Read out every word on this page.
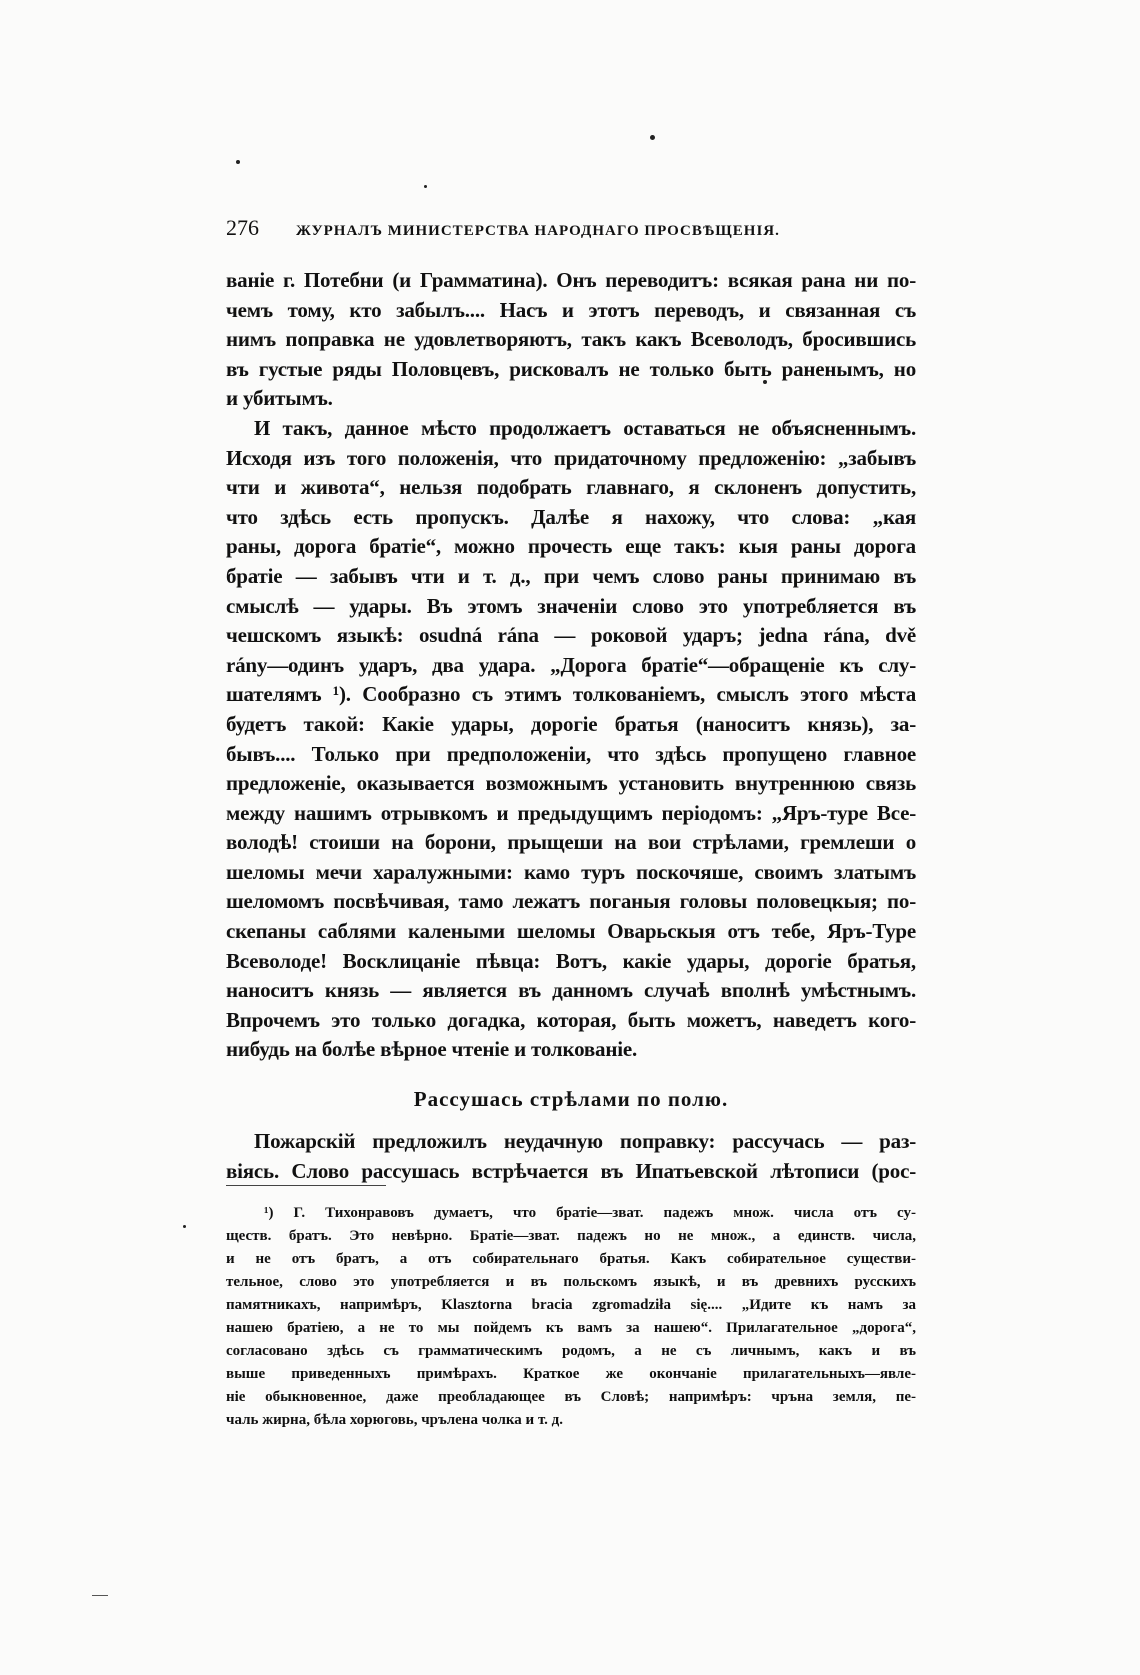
276	ЖУРНАЛЪ МИНИСТЕРСТВА НАРОДНАГО ПРОСВѢЩЕНІЯ.

ваніе г. Потебни (и Грамматина). Онъ переводитъ: всякая рана ни по-
чемъ тому, кто забылъ.... Насъ и этотъ переводъ, и связанная съ
нимъ поправка не удовлетворяютъ, такъ какъ Всеволодъ, бросившись
въ густые ряды Половцевъ, рисковалъ не только быть раненымъ, но
и убитымъ.

И такъ, данное мѣсто продолжаетъ оставаться не объясненнымъ.
Исходя изъ того положенія, что придаточному предложенію: „забывъ
чти и живота“, нельзя подобрать главнаго, я склоненъ допустить,
что здѣсь есть пропускъ. Далѣе я нахожу, что слова: „кая
раны, дорога братіе“, можно прочесть еще такъ: кыя раны дорога
братіе — забывъ чти и т. д., при чемъ слово раны принимаю въ
смыслѣ — удары. Въ этомъ значеніи слово это употребляется въ
чешскомъ языкѣ: osudná rána — роковой ударъ; jedna rána, dvě
ránу—одинъ ударъ, два удара. „Дорога братіе“—обращеніе къ слу-
шателямъ ¹). Сообразно съ этимъ толкованіемъ, смыслъ этого мѣста
будетъ такой: Какіе удары, дорогіе братья (наноситъ князь), за-
бывъ.... Только при предположеніи, что здѣсь пропущено главное
предложеніе, оказывается возможнымъ установить внутреннюю связь
между нашимъ отрывкомъ и предыдущимъ періодомъ: „Яръ-туре Все-
володѣ! стоиши на борони, прыщеши на вои стрѣлами, гремлеши о
шеломы мечи харалужными: камо туръ поскочяше, своимъ златымъ
шеломомъ посвѣчивая, тамо лежатъ поганыя головы половецкыя; по-
скепаны саблями калеными шеломы Оварьскыя отъ тебе, Яръ-Туре
Всеволоде! Восклицаніе пѣвца: Вотъ, какіе удары, дорогіе братья,
наноситъ князь — является въ данномъ случаѣ вполнѣ умѣстнымъ.
Впрочемъ это только догадка, которая, быть можетъ, наведетъ кого-
нибудь на болѣе вѣрное чтеніе и толкованіе.

Рассушась стрѣлами по полю.
Пожарскій предложилъ неудачную поправку: рассучась — раз-
віясь. Слово рассушась встрѣчается въ Ипатьевской лѣтописи (рос-
¹) Г. Тихонравовъ думаетъ, что братіе—зват. падежъ множ. числа отъ су-
ществ. братъ. Это невѣрно. Братіе—зват. падежъ но не множ., а единств. числа,
и не отъ братъ, а отъ собирательнаго братья. Какъ собирательное существи-
тельное, слово это употребляется и въ польскомъ языкѣ, и въ древнихъ русскихъ
памятникахъ, напримѣръ, Klasztorna bracia zgromadziła się.... „Идите къ намъ за
нашею братіею, а не то мы пойдемъ къ вамъ за нашею“. Прилагательное „дорога“,
согласовано здѣсь съ грамматическимъ родомъ, а не съ личнымъ, какъ и въ
выше приведенныхъ примѣрахъ. Краткое же окончаніе прилагательныхъ—явле-
ніе обыкновенное, даже преобладающее въ Словѣ; напримѣръ: чръна земля, пе-
чаль жирна, бѣла хорюговь, чрълена чолка и т. д.
